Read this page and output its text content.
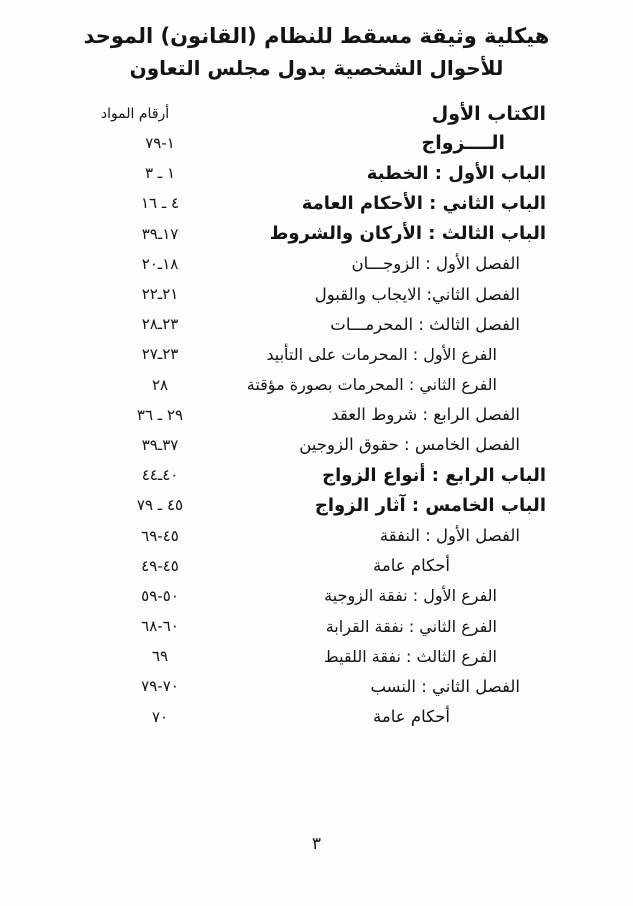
هيكلية وثيقة مسقط للنظام (القانون) الموحد
للأحوال الشخصية بدول مجلس التعاون
الكتاب الأول
أرقام المواد
الــــزواج
٧٩-١
الباب الأول : الخطبة
٣ ـ ١
الباب الثاني : الأحكام العامة
١٦ ـ ٤
الباب الثالث : الأركان والشروط
٣٩ـ١٧
الفصل الأول : الزوجـــان
٢٠ـ١٨
الفصل الثاني: الايجاب والقبول
٢٢ـ٢١
الفصل الثالث : المحرمـــات
٢٨ـ٢٣
الفرع الأول : المحرمات على التأبيد
٢٧ـ٢٣
الفرع الثاني : المحرمات بصورة مؤقتة
٢٨
الفصل الرابع : شروط العقد
٣٦ ـ ٢٩
الفصل الخامس : حقوق الزوجين
٣٩ـ٣٧
الباب الرابع : أنواع الزواج
٤٤ـ٤٠
الباب الخامس : آثار الزواج
٧٩ ـ ٤٥
الفصل الأول : النفقة
٦٩-٤٥
أحكام عامة
٤٩-٤٥
الفرع الأول : نفقة الزوجية
٥٩-٥٠
الفرع الثاني : نفقة القرابة
٦٨-٦٠
الفرع الثالث : نفقة اللقيط
٦٩
الفصل الثاني : النسب
٧٩-٧٠
أحكام عامة
٧٠
٣
